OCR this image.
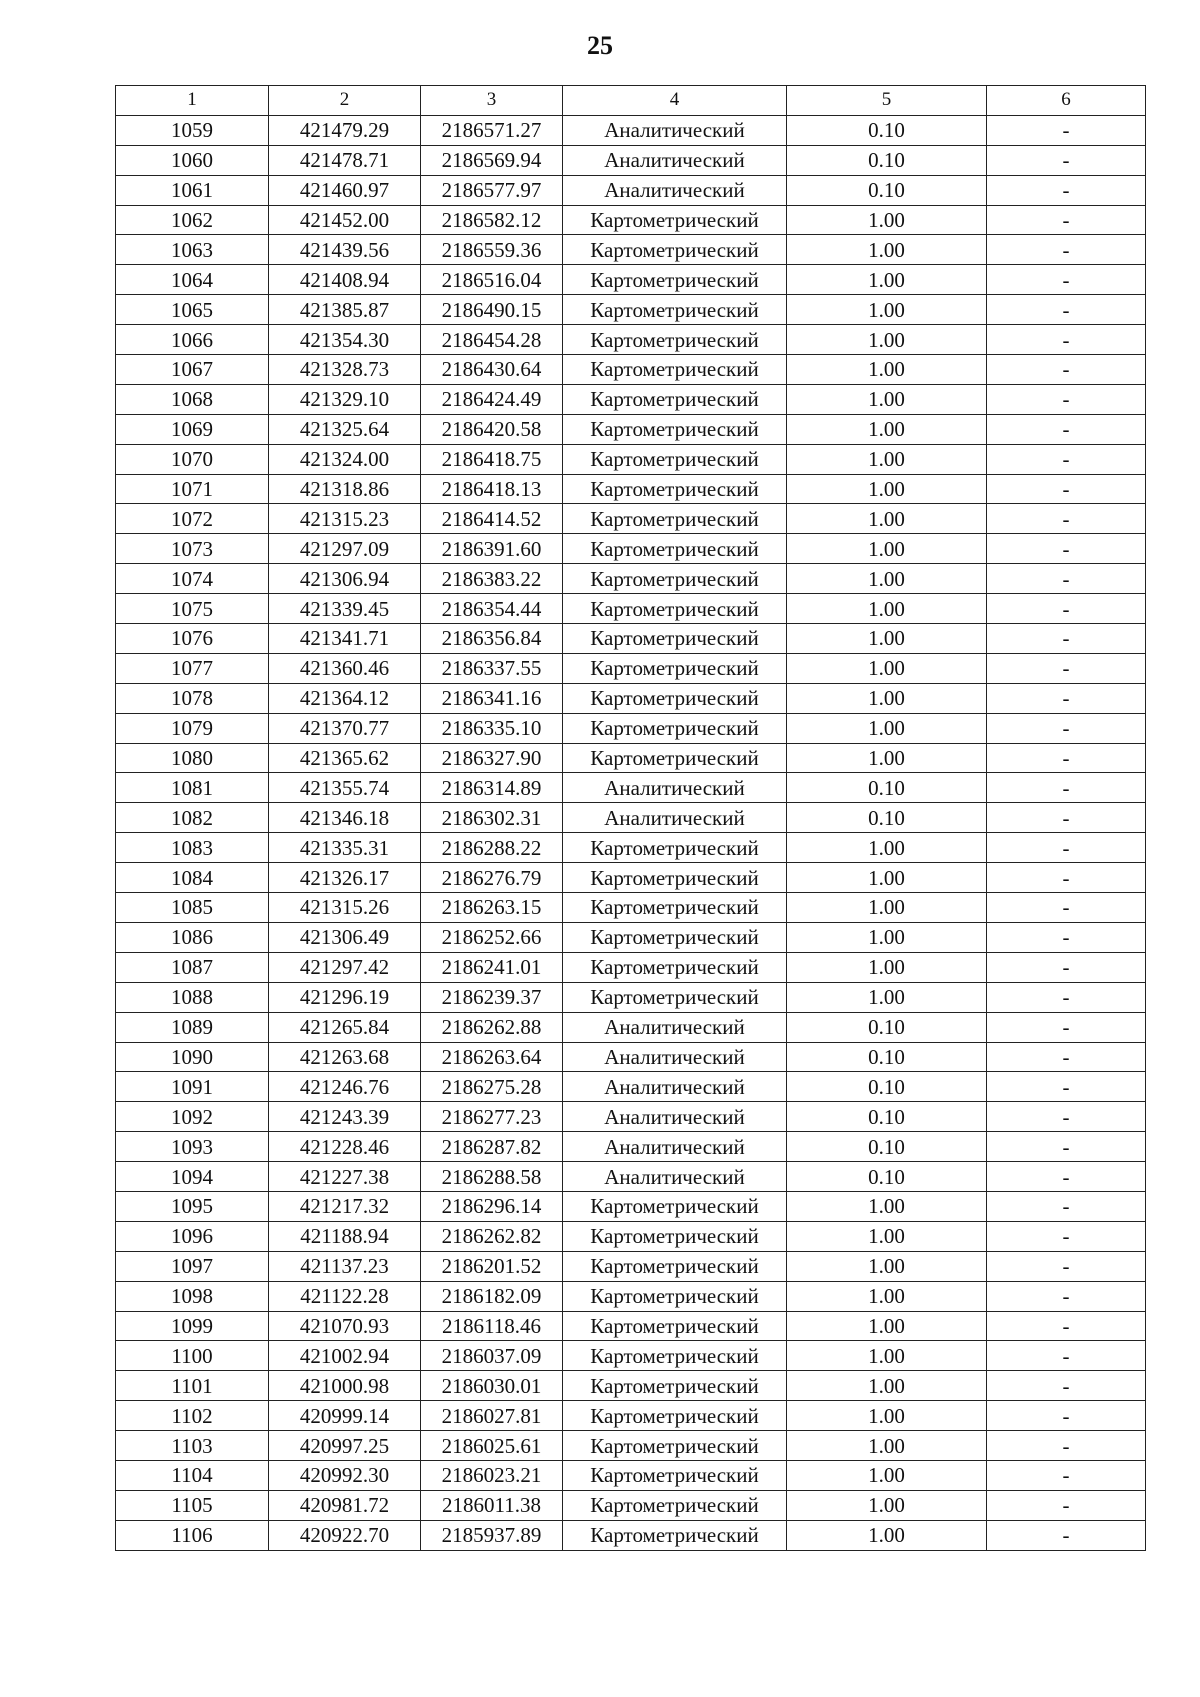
25
1	2	3	4	5	6
1059	421479.29	2186571.27	Аналитический	0.10	-
1060	421478.71	2186569.94	Аналитический	0.10	-
1061	421460.97	2186577.97	Аналитический	0.10	-
1062	421452.00	2186582.12	Картометрический	1.00	-
1063	421439.56	2186559.36	Картометрический	1.00	-
1064	421408.94	2186516.04	Картометрический	1.00	-
1065	421385.87	2186490.15	Картометрический	1.00	-
1066	421354.30	2186454.28	Картометрический	1.00	-
1067	421328.73	2186430.64	Картометрический	1.00	-
1068	421329.10	2186424.49	Картометрический	1.00	-
1069	421325.64	2186420.58	Картометрический	1.00	-
1070	421324.00	2186418.75	Картометрический	1.00	-
1071	421318.86	2186418.13	Картометрический	1.00	-
1072	421315.23	2186414.52	Картометрический	1.00	-
1073	421297.09	2186391.60	Картометрический	1.00	-
1074	421306.94	2186383.22	Картометрический	1.00	-
1075	421339.45	2186354.44	Картометрический	1.00	-
1076	421341.71	2186356.84	Картометрический	1.00	-
1077	421360.46	2186337.55	Картометрический	1.00	-
1078	421364.12	2186341.16	Картометрический	1.00	-
1079	421370.77	2186335.10	Картометрический	1.00	-
1080	421365.62	2186327.90	Картометрический	1.00	-
1081	421355.74	2186314.89	Аналитический	0.10	-
1082	421346.18	2186302.31	Аналитический	0.10	-
1083	421335.31	2186288.22	Картометрический	1.00	-
1084	421326.17	2186276.79	Картометрический	1.00	-
1085	421315.26	2186263.15	Картометрический	1.00	-
1086	421306.49	2186252.66	Картометрический	1.00	-
1087	421297.42	2186241.01	Картометрический	1.00	-
1088	421296.19	2186239.37	Картометрический	1.00	-
1089	421265.84	2186262.88	Аналитический	0.10	-
1090	421263.68	2186263.64	Аналитический	0.10	-
1091	421246.76	2186275.28	Аналитический	0.10	-
1092	421243.39	2186277.23	Аналитический	0.10	-
1093	421228.46	2186287.82	Аналитический	0.10	-
1094	421227.38	2186288.58	Аналитический	0.10	-
1095	421217.32	2186296.14	Картометрический	1.00	-
1096	421188.94	2186262.82	Картометрический	1.00	-
1097	421137.23	2186201.52	Картометрический	1.00	-
1098	421122.28	2186182.09	Картометрический	1.00	-
1099	421070.93	2186118.46	Картометрический	1.00	-
1100	421002.94	2186037.09	Картометрический	1.00	-
1101	421000.98	2186030.01	Картометрический	1.00	-
1102	420999.14	2186027.81	Картометрический	1.00	-
1103	420997.25	2186025.61	Картометрический	1.00	-
1104	420992.30	2186023.21	Картометрический	1.00	-
1105	420981.72	2186011.38	Картометрический	1.00	-
1106	420922.70	2185937.89	Картометрический	1.00	-
